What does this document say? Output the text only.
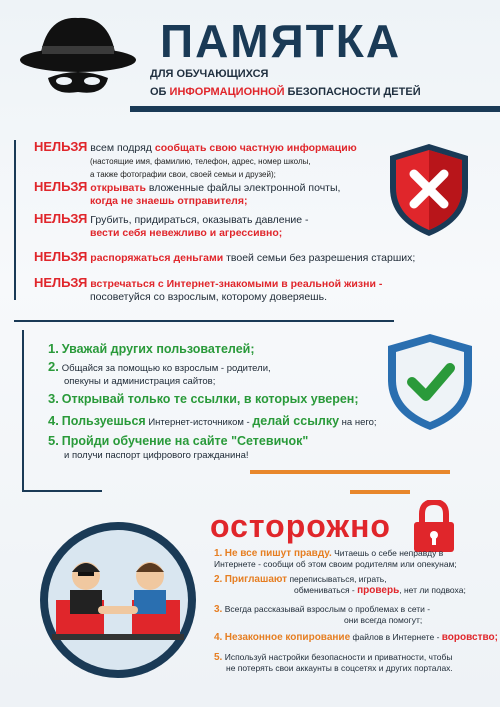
ПАМЯТКА
ДЛЯ ОБУЧАЮЩИХСЯ
ОБ ИНФОРМАЦИОННОЙ БЕЗОПАСНОСТИ ДЕТЕЙ
НЕЛЬЗЯ всем подряд сообщать свою частную информацию
(настоящие имя, фамилию, телефон, адрес, номер школы,
а также фотографии свои, своей семьи и друзей);
НЕЛЬЗЯ открывать вложенные файлы электронной почты,
когда не знаешь отправителя;
НЕЛЬЗЯ Грубить, придираться, оказывать давление -
вести себя невежливо и агрессивно;
НЕЛЬЗЯ распоряжаться деньгами твоей семьи без разрешения старших;
НЕЛЬЗЯ встречаться с Интернет-знакомыми в реальной жизни -
посоветуйся со взрослым, которому доверяешь.
1. Уважай других пользователей;
2. Общайся за помощью ко взрослым - родители,
опекуны и администрация сайтов;
3. Открывай только те ссылки, в которых уверен;
4. Пользуешься Интернет-источником - делай ссылку на него;
5. Пройди обучение на сайте "Сетевичок"
и получи паспорт цифрового гражданина!
осторожно
1. Не все пишут правду. Читаешь о себе неправду в
Интернете - сообщи об этом своим родителям или опекунам;
2. Приглашают переписываться, играть,
обмениваться - проверь, нет ли подвоха;
3. Всегда рассказывай взрослым о проблемах в сети -
они всегда помогут;
4. Незаконное копирование файлов в Интернете - воровство;
5. Используй настройки безопасности и приватности, чтобы
не потерять свои аккаунты в соцсетях и других порталах.
